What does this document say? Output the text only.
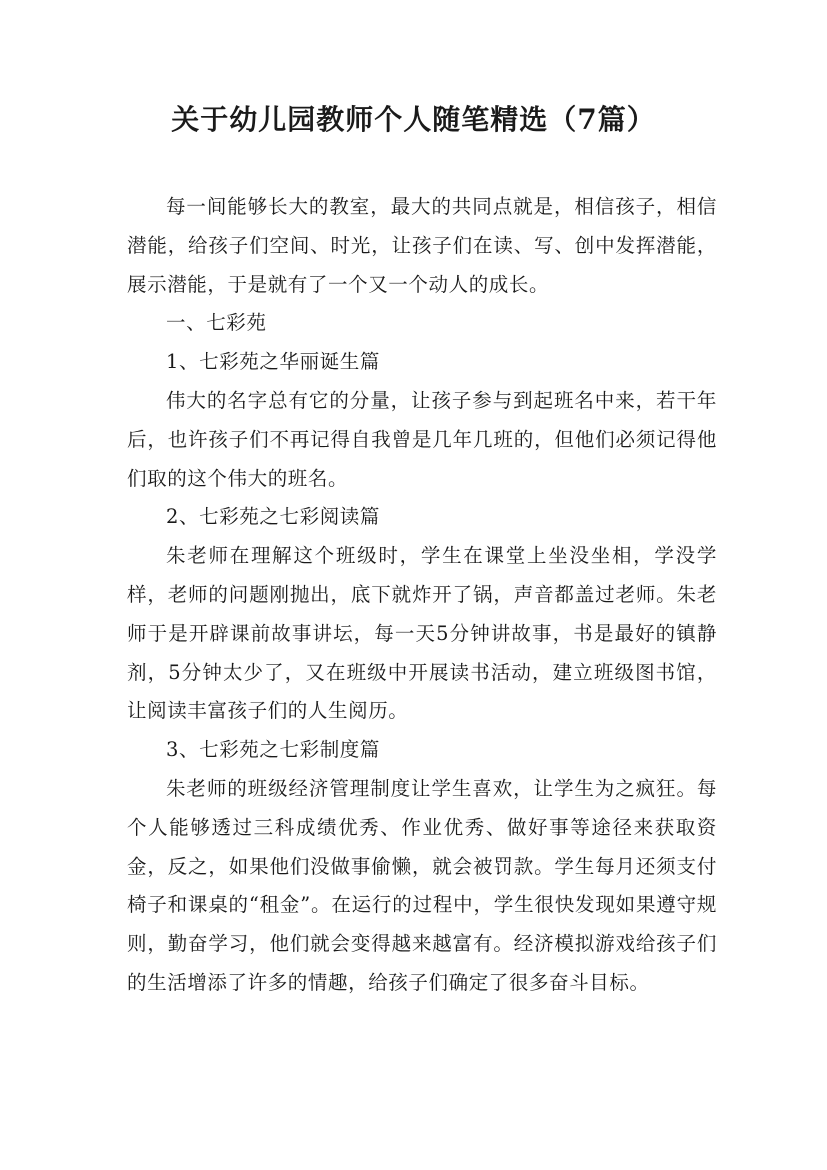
关于幼儿园教师个人随笔精选（7篇）

每一间能够长大的教室，最大的共同点就是，相信孩子，相信潜能，给孩子们空间、时光，让孩子们在读、写、创中发挥潜能，展示潜能，于是就有了一个又一个动人的成长。

一、七彩苑

1、七彩苑之华丽诞生篇

伟大的名字总有它的分量，让孩子参与到起班名中来，若干年后，也许孩子们不再记得自我曾是几年几班的，但他们必须记得他们取的这个伟大的班名。

2、七彩苑之七彩阅读篇

朱老师在理解这个班级时，学生在课堂上坐没坐相，学没学样，老师的问题刚抛出，底下就炸开了锅，声音都盖过老师。朱老师于是开辟课前故事讲坛，每一天5分钟讲故事，书是最好的镇静剂，5分钟太少了，又在班级中开展读书活动，建立班级图书馆，让阅读丰富孩子们的人生阅历。

3、七彩苑之七彩制度篇

朱老师的班级经济管理制度让学生喜欢，让学生为之疯狂。每个人能够透过三科成绩优秀、作业优秀、做好事等途径来获取资金，反之，如果他们没做事偷懒，就会被罚款。学生每月还须支付椅子和课桌的“租金”。在运行的过程中，学生很快发现如果遵守规则，勤奋学习，他们就会变得越来越富有。经济模拟游戏给孩子们的生活增添了许多的情趣，给孩子们确定了很多奋斗目标。
